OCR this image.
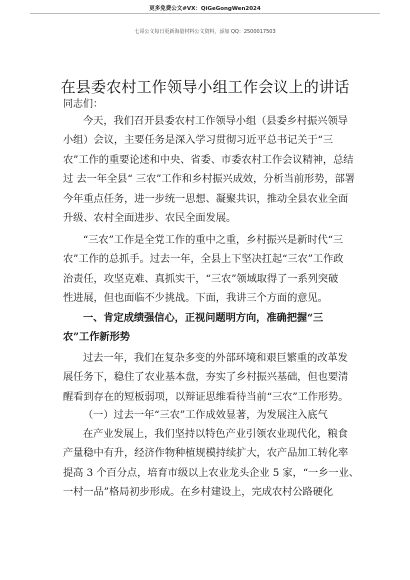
更多免费公文#VX：QiGeGongWen2024
七哥公文每日更新海量材料公文资料，添加 QQ：2500017503
在县委农村工作领导小组工作会议上的讲话
同志们：
今天，我们召开县委农村工作领导小组（县委乡村振兴领导
小组）会议，主要任务是深入学习贯彻习近平总书记关于“三
农”工作的重要论述和中央、省委、市委农村工作会议精神，总结
过 去一年全县“ 三农”工作和乡村振兴成效，分析当前形势，部署
今年重点任务，进一步统一思想、凝聚共识，推动全县农业全面
升级、农村全面进步、农民全面发展。
“三农”工作是全党工作的重中之重，乡村振兴是新时代“三
农”工作的总抓手。过去一年，全县上下坚决扛起“三农”工作政
治责任，攻坚克难、真抓实干，“三农”领域取得了一系列突破
性进展，但也面临不少挑战。下面，我讲三个方面的意见。
一、肯定成绩强信心，正视问题明方向，准确把握“三
农”工作新形势
过去一年，我们在复杂多变的外部环境和艰巨繁重的改革发
展任务下，稳住了农业基本盘，夯实了乡村振兴基础，但也要清
醒看到存在的短板弱项，以辩证思维看待当前“三农”工作形势。
（一）过去一年“三农”工作成效显著，为发展注入底气
在产业发展上，我们坚持以特色产业引领农业现代化，粮食
产量稳中有升，经济作物种植规模持续扩大，农产品加工转化率
提高 3 个百分点，培育市级以上农业龙头企业 5 家，“一乡一业、
一村一品”格局初步形成。在乡村建设上，完成农村公路硬化
